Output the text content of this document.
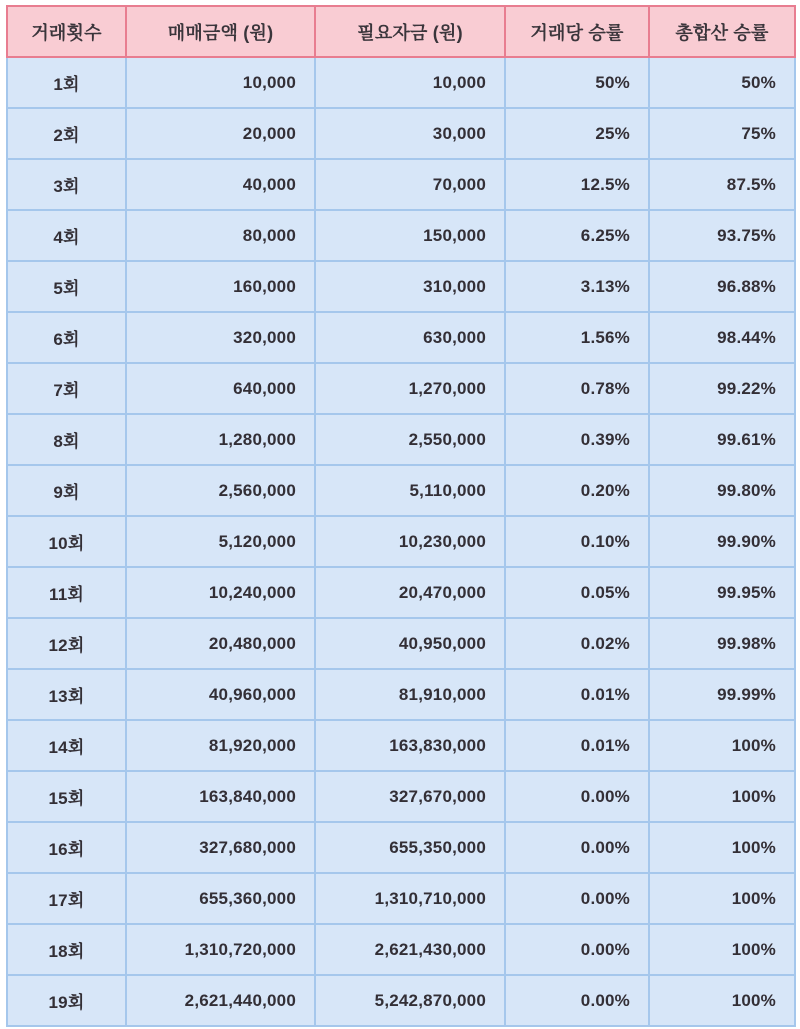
거래횟수	매매금액 (원)	필요자금 (원)	거래당 승률	총합산 승률
1회	10,000	10,000	50%	50%
2회	20,000	30,000	25%	75%
3회	40,000	70,000	12.5%	87.5%
4회	80,000	150,000	6.25%	93.75%
5회	160,000	310,000	3.13%	96.88%
6회	320,000	630,000	1.56%	98.44%
7회	640,000	1,270,000	0.78%	99.22%
8회	1,280,000	2,550,000	0.39%	99.61%
9회	2,560,000	5,110,000	0.20%	99.80%
10회	5,120,000	10,230,000	0.10%	99.90%
11회	10,240,000	20,470,000	0.05%	99.95%
12회	20,480,000	40,950,000	0.02%	99.98%
13회	40,960,000	81,910,000	0.01%	99.99%
14회	81,920,000	163,830,000	0.01%	100%
15회	163,840,000	327,670,000	0.00%	100%
16회	327,680,000	655,350,000	0.00%	100%
17회	655,360,000	1,310,710,000	0.00%	100%
18회	1,310,720,000	2,621,430,000	0.00%	100%
19회	2,621,440,000	5,242,870,000	0.00%	100%
